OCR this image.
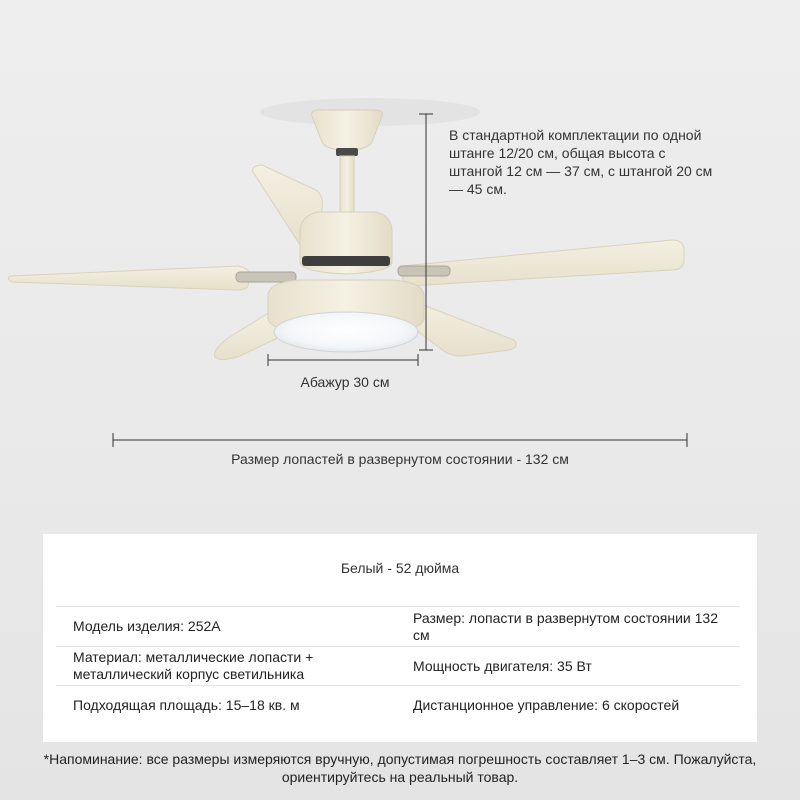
В стандартной комплектации по одной штанге 12/20 см, общая высота с штангой 12 см — 37 см, с штангой 20 см — 45 см.
Абажур 30 см
Размер лопастей в развернутом состоянии - 132 см
Белый - 52 дюйма
Модель изделия: 252A
Размер: лопасти в развернутом состоянии 132 см
Материал: металлические лопасти + металлический корпус светильника
Мощность двигателя: 35 Вт
Подходящая площадь: 15–18 кв. м	Дистанционное управление: 6 скоростей
*Напоминание: все размеры измеряются вручную, допустимая погрешность составляет 1–3 см. Пожалуйста, ориентируйтесь на реальный товар.
